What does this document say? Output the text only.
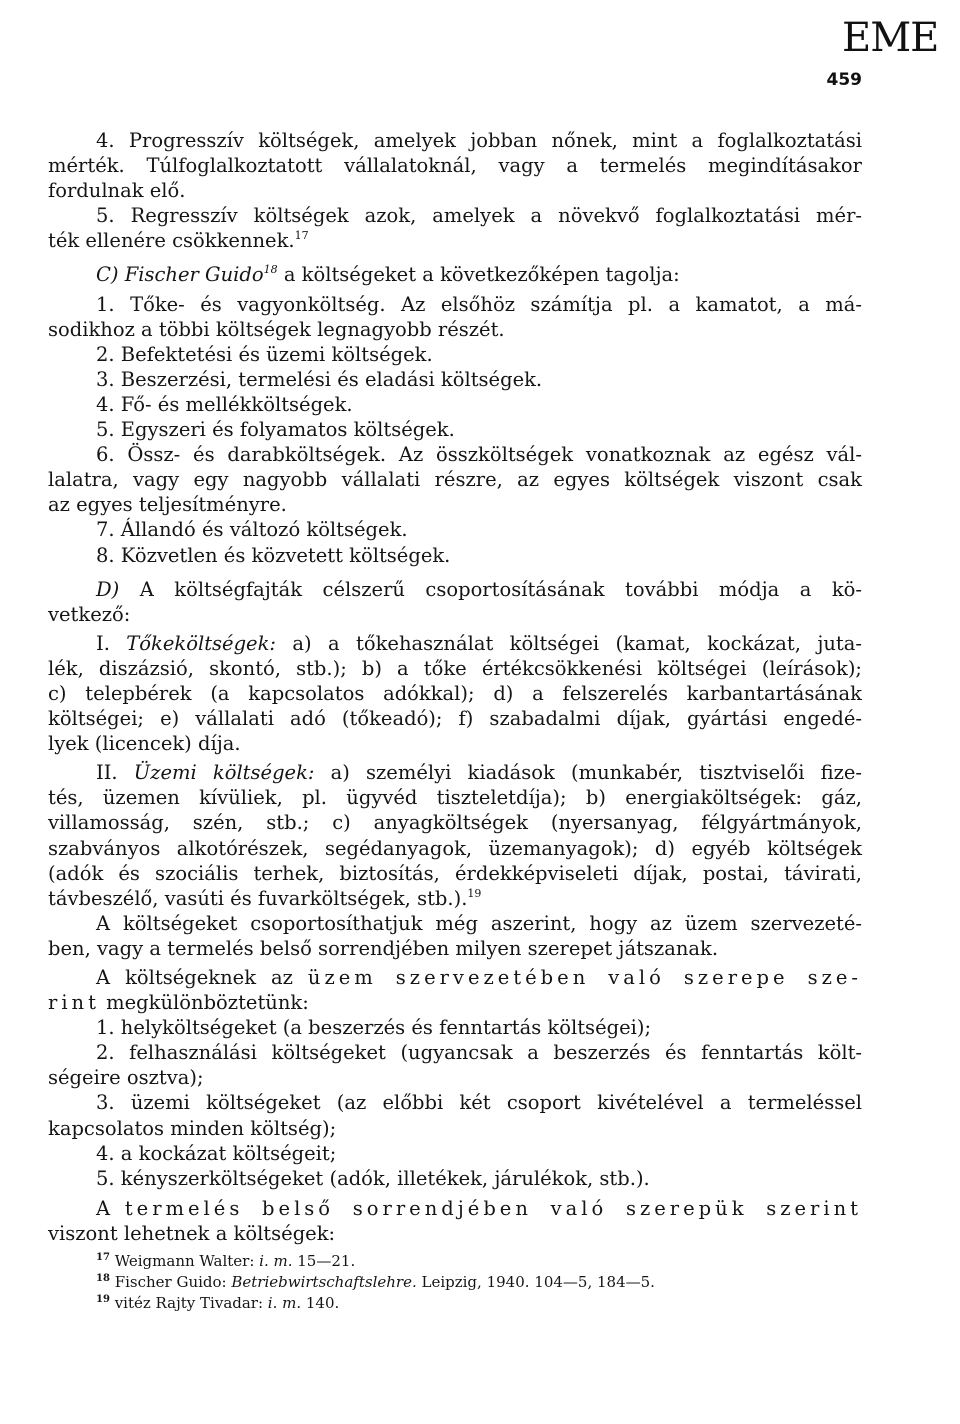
EME
459
4. Progresszív költségek, amelyek jobban nőnek, mint a foglalkoztatási
mérték. Túlfoglalkoztatott vállalatoknál, vagy a termelés megindításakor
fordulnak elő.
5. Regresszív költségek azok, amelyek a növekvő foglalkoztatási mér-
ték ellenére csökkennek.$^{17}$
C) Fischer Guido$^{18}$ a költségeket a következőképen tagolja:
1. Tőke- és vagyonköltség. Az elsőhöz számítja pl. a kamatot, a má-
sodikhoz a többi költségek legnagyobb részét.
2. Befektetési és üzemi költségek.
3. Beszerzési, termelési és eladási költségek.
4. Fő- és mellékköltségek.
5. Egyszeri és folyamatos költségek.
6. Össz- és darabköltségek. Az összköltségek vonatkoznak az egész vál-
lalatra, vagy egy nagyobb vállalati részre, az egyes költségek viszont csak
az egyes teljesítményre.
7. Állandó és változó költségek.
8. Közvetlen és közvetett költségek.
D) A költségfajták célszerű csoportosításának további módja a kö-
vetkező:
I. Tőkeköltségek: a) a tőkehasználat költségei (kamat, kockázat, juta-
lék, diszázsió, skontó, stb.); b) a tőke értékcsökkenési költségei (leírások);
c) telepbérek (a kapcsolatos adókkal); d) a felszerelés karbantartásának
költségei; e) vállalati adó (tőkeadó); f) szabadalmi díjak, gyártási engedé-
lyek (licencek) díja.
II. Üzemi költségek: a) személyi kiadások (munkabér, tisztviselői fize-
tés, üzemen kívüliek, pl. ügyvéd tiszteletdíja); b) energiaköltségek: gáz,
villamosság, szén, stb.; c) anyagköltségek (nyersanyag, félgyártmányok,
szabványos alkotórészek, segédanyagok, üzemanyagok); d) egyéb költségek
(adók és szociális terhek, biztosítás, érdekképviseleti díjak, postai, távirati,
távbeszélő, vasúti és fuvarköltségek, stb.).$^{19}$
A költségeket csoportosíthatjuk még aszerint, hogy az üzem szervezeté-
ben, vagy a termelés belső sorrendjében milyen szerepet játszanak.
A költségeknek az üzem szervezetében való szerepe sze-
rint megkülönböztetünk:
1. helyköltségeket (a beszerzés és fenntartás költségei);
2. felhasználási költségeket (ugyancsak a beszerzés és fenntartás költ-
ségeire osztva);
3. üzemi költségeket (az előbbi két csoport kivételével a termeléssel
kapcsolatos minden költség);
4. a kockázat költségeit;
5. kényszerköltségeket (adók, illetékek, járulékok, stb.).
A termelés belső sorrendjében való szerepük szerint
viszont lehetnek a költségek:
$^{17}$ Weigmann Walter: i. m. 15—21.
$^{18}$ Fischer Guido: Betriebwirtschaftslehre. Leipzig, 1940. 104—5, 184—5.
$^{19}$ vitéz Rajty Tivadar: i. m. 140.
